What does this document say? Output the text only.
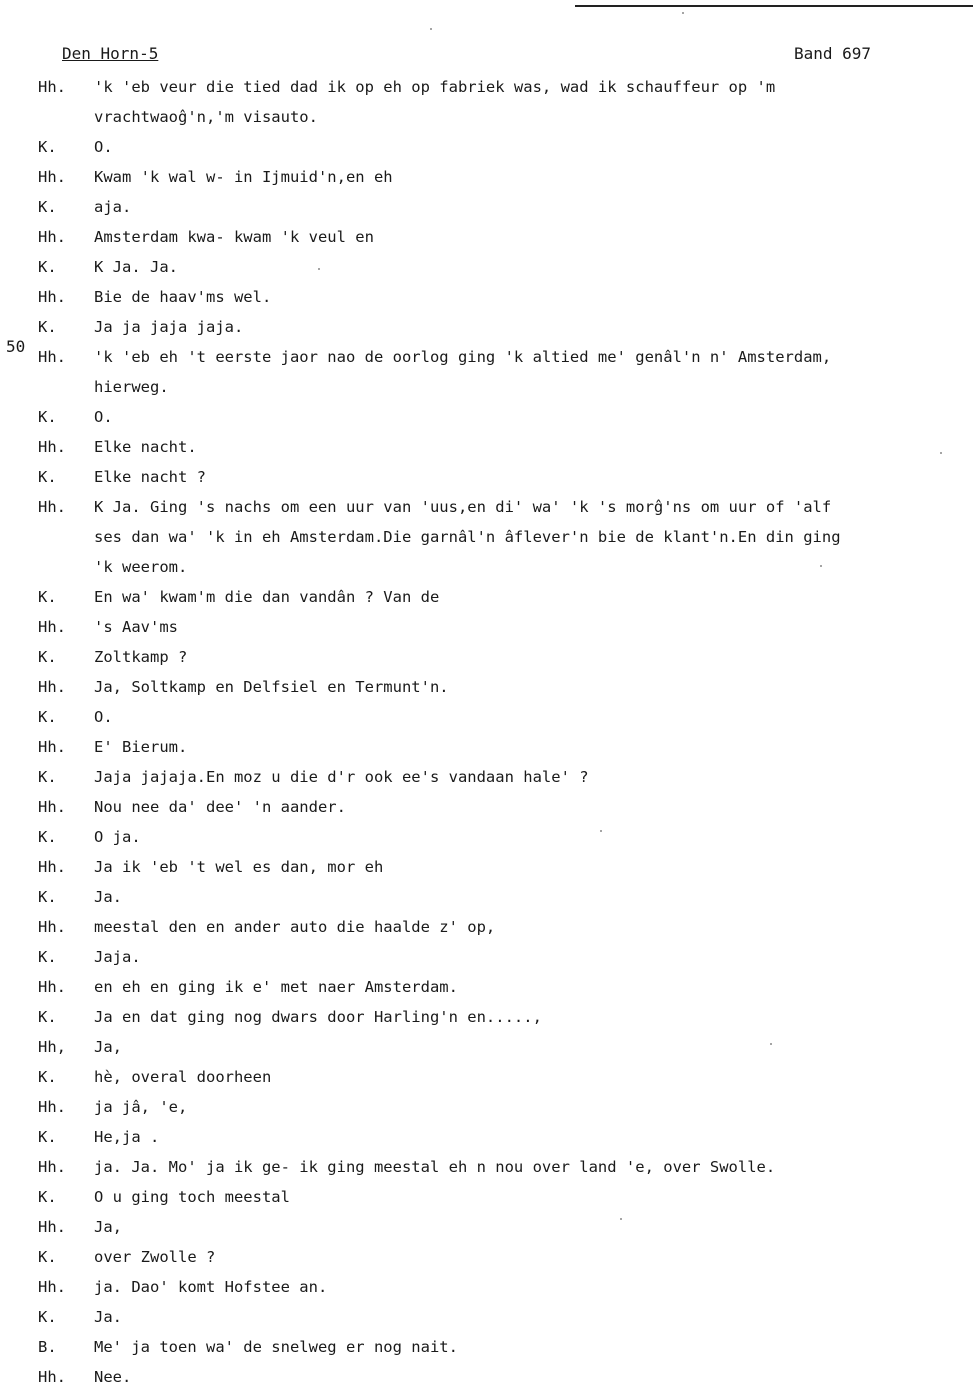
Den Horn-5	Band 697
50
Hh.	'k 'eb veur die tied dad ik op eh op fabriek was, wad ik schauffeur op 'm
vrachtwaoĝ'n,'m visauto.
K.	O.
Hh.	Kwam 'k wal w- in Ijmuid'n,en eh
K.	aja.
Hh.	Amsterdam kwa- kwam 'k veul en
K.	K Ja. Ja.
Hh.	Bie de haav'ms wel.
K.	Ja ja jaja jaja.
Hh.	'k 'eb eh 't eerste jaor nao de oorlog ging 'k altied me' genâl'n n' Amsterdam,
hierweg.
K.	O.
Hh.	Elke nacht.
K.	Elke nacht ?
Hh.	K Ja. Ging 's nachs om een uur van 'uus,en di' wa' 'k 's morĝ'ns om uur of 'alf
ses dan wa' 'k in eh Amsterdam.Die garnâl'n âflever'n bie de klant'n.En din ging
'k weerom.
K.	En wa' kwam'm die dan vandân ? Van de
Hh.	's Aav'ms
K.	Zoltkamp ?
Hh.	Ja, Soltkamp en Delfsiel en Termunt'n.
K.	O.
Hh.	E' Bierum.
K.	Jaja jajaja.En moz u die d'r ook ee's vandaan hale' ?
Hh.	Nou nee da' dee' 'n aander.
K.	O ja.
Hh.	Ja ik 'eb 't wel es dan, mor eh
K.	Ja.
Hh.	meestal den en ander auto die haalde z' op,
K.	Jaja.
Hh.	en eh en ging ik e' met naer Amsterdam.
K.	Ja en dat ging nog dwars door Harling'n en.....,
Hh,	Ja,
K.	hè, overal doorheen
Hh.	ja jâ, 'e,
K.	He,ja .
Hh.	ja. Ja. Mo' ja ik ge- ik ging meestal eh n nou over land 'e, over Swolle.
K.	O u ging toch meestal
Hh.	Ja,
K.	over Zwolle ?
Hh.	ja. Dao' komt Hofstee an.
K.	Ja.
B.	Me' ja toen wa' de snelweg er nog nait.
Hh.	Nee.
